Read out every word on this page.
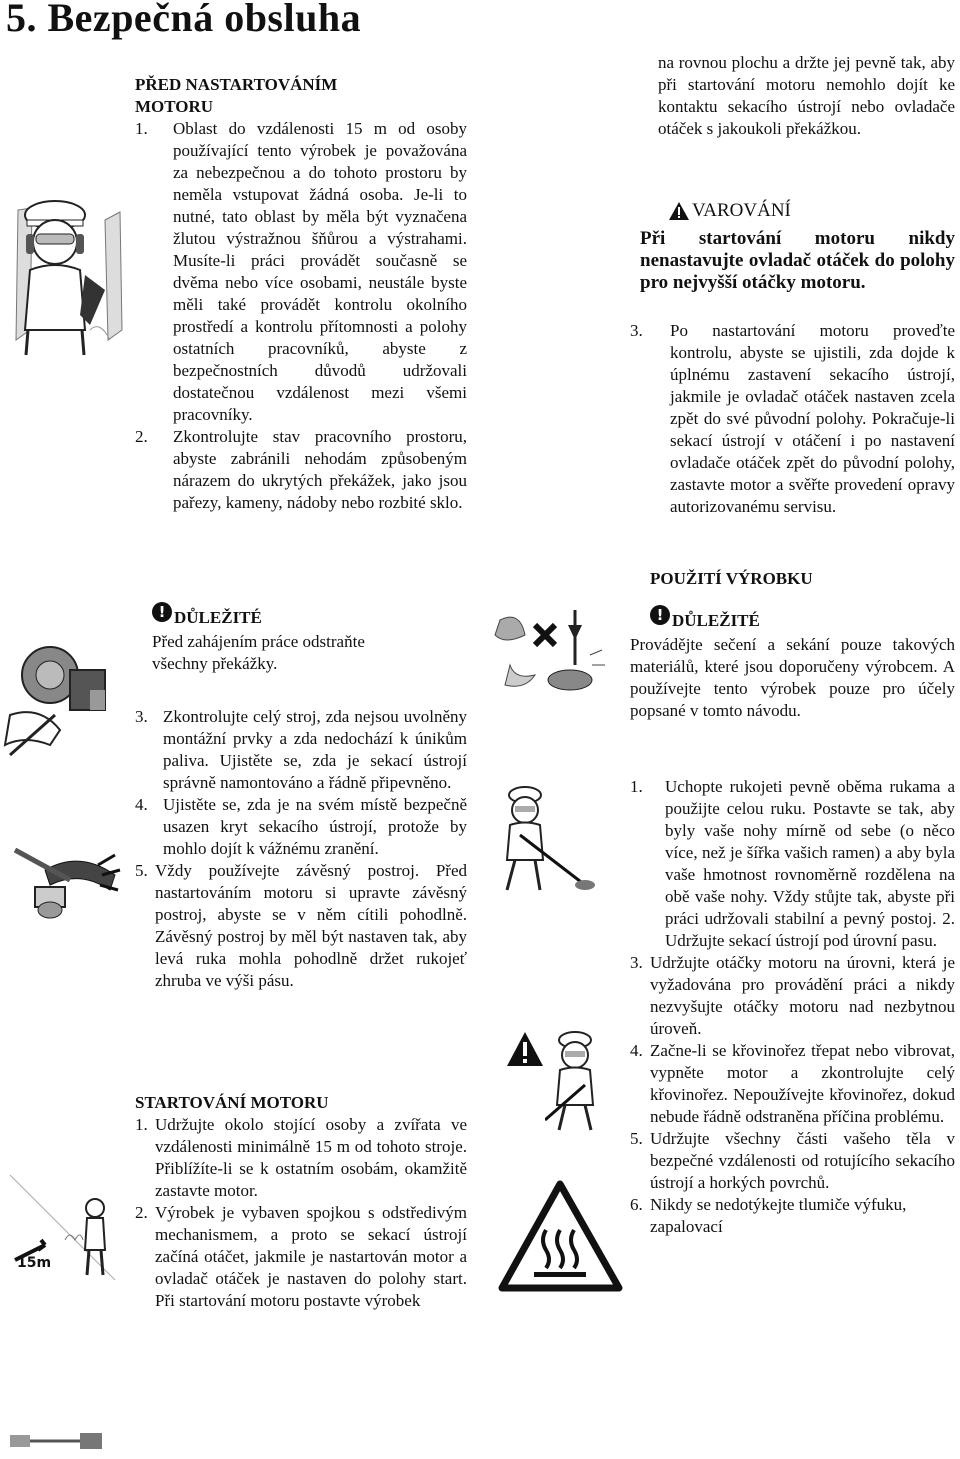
5. Bezpečná obsluha
15m

PŘED NASTARTOVÁNÍM
MOTORU

1.	Oblast do vzdálenosti 15 m od osoby používající tento výrobek je považována za nebezpečnou a do tohoto prostoru by neměla vstupovat žádná osoba. Je-li to nutné, tato oblast by měla být vyznačena žlutou výstražnou šňůrou a výstrahami. Musíte-li práci provádět současně se dvěma nebo více osobami, neustále byste měli také provádět kontrolu okolního prostředí a kontrolu přítomnosti a polohy ostatních pracovníků, abyste z bezpečnostních důvodů udržovali dostatečnou vzdálenost mezi všemi pracovníky.
2.	Zkontrolujte stav pracovního prostoru, abyste zabránili nehodám způsobeným nárazem do ukrytých překážek, jako jsou pařezy, kameny, nádoby nebo rozbité sklo.
! DŮLEŽITÉ

Před zahájením práce odstraňte
všechny překážky.

3. Zkontrolujte celý stroj, zda nejsou uvolněny montážní prvky a zda nedochází k únikům paliva. Ujistěte se, zda je sekací ústrojí správně namontováno a řádně připevněno.
4. Ujistěte se, zda je na svém místě bezpečně usazen kryt sekacího ústrojí, protože by mohlo dojít k vážnému zranění.
5. Vždy používejte závěsný postroj. Před nastartováním motoru si upravte závěsný postroj, abyste se v něm cítili pohodlně. Závěsný postroj by měl být nastaven tak, aby levá ruka mohla pohodlně držet rukojeť zhruba ve výši pásu.

STARTOVÁNÍ MOTORU

1. Udržujte okolo stojící osoby a zvířata ve vzdálenosti minimálně 15 m od tohoto stroje. Přiblížíte-li se k ostatním osobám, okamžitě zastavte motor.
2. Výrobek je vybaven spojkou s odstředivým mechanismem, a proto se sekací ústrojí začíná otáčet, jakmile je nastartován motor a ovladač otáček je nastaven do polohy start. Při startování motoru postavte výrobek

na rovnou plochu a držte jej pevně tak, aby při startování motoru nemohlo dojít ke kontaktu sekacího ústrojí nebo ovladače otáček s jakoukoli překážkou.

VAROVÁNÍ

Při startování motoru nikdy nenastavujte ovladač otáček do polohy pro nejvyšší otáčky motoru.

3.	Po nastartování motoru proveďte kontrolu, abyste se ujistili, zda dojde k úplnému zastavení sekacího ústrojí, jakmile je ovladač otáček nastaven zcela zpět do své původní polohy. Pokračuje-li sekací ústrojí v otáčení i po nastavení ovladače otáček zpět do původní polohy, zastavte motor a svěřte provedení opravy autorizovanému servisu.

POUŽITÍ VÝROBKU

! DŮLEŽITÉ

Provádějte sečení a sekání pouze takových materiálů, které jsou doporučeny výrobcem. A používejte tento výrobek pouze pro účely popsané v tomto návodu.

1.	Uchopte rukojeti pevně oběma rukama a použijte celou ruku. Postavte se tak, aby byly vaše nohy mírně od sebe (o něco více, než je šířka vašich ramen) a aby byla vaše hmotnost rovnoměrně rozdělena na obě vaše nohy. Vždy stůjte tak, abyste při práci udržovali stabilní a pevný postoj. 2. Udržujte sekací ústrojí pod úrovní pasu.
3. Udržujte otáčky motoru na úrovni, která je vyžadována pro provádění práci a nikdy nezvyšujte otáčky motoru nad nezbytnou úroveň.
4. Začne-li se křovinořez třepat nebo vibrovat, vypněte motor a zkontrolujte celý křovinořez. Nepoužívejte křovinořez, dokud nebude řádně odstraněna příčina problému.
5. Udržujte všechny části vašeho těla v bezpečné vzdálenosti od rotujícího sekacího ústrojí a horkých povrchů.
6. Nikdy se nedotýkejte tlumiče výfuku, zapalovací
